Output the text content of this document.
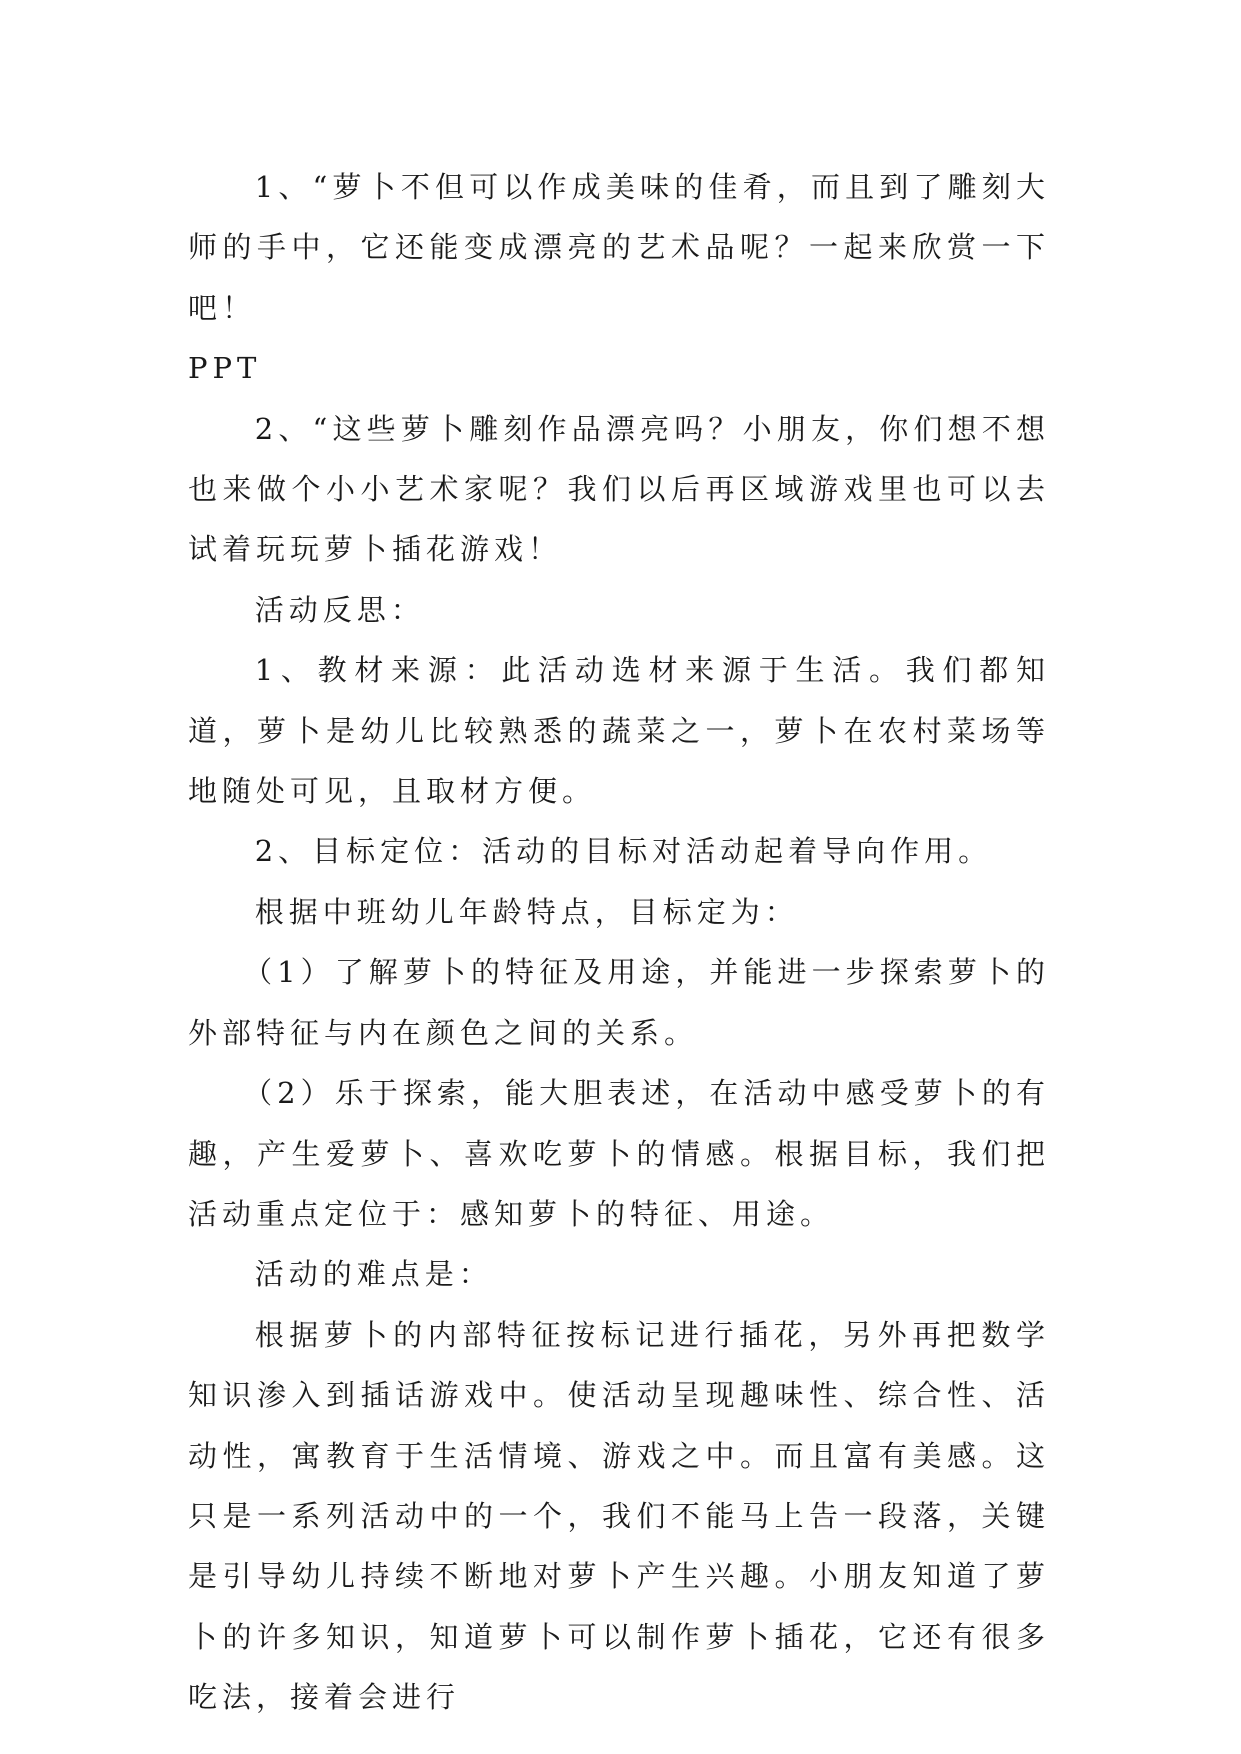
1、“萝卜不但可以作成美味的佳肴，而且到了雕刻大师的手中，它还能变成漂亮的艺术品呢？一起来欣赏一下吧！

PPT

2、“这些萝卜雕刻作品漂亮吗？小朋友，你们想不想也来做个小小艺术家呢？我们以后再区域游戏里也可以去试着玩玩萝卜插花游戏！

活动反思：

1、教材来源：此活动选材来源于生活。我们都知道，萝卜是幼儿比较熟悉的蔬菜之一，萝卜在农村菜场等地随处可见，且取材方便。

2、目标定位：活动的目标对活动起着导向作用。

根据中班幼儿年龄特点，目标定为：

（1）了解萝卜的特征及用途，并能进一步探索萝卜的外部特征与内在颜色之间的关系。

（2）乐于探索，能大胆表述，在活动中感受萝卜的有趣，产生爱萝卜、喜欢吃萝卜的情感。根据目标，我们把活动重点定位于：感知萝卜的特征、用途。

活动的难点是：

根据萝卜的内部特征按标记进行插花，另外再把数学知识渗入到插话游戏中。使活动呈现趣味性、综合性、活动性，寓教育于生活情境、游戏之中。而且富有美感。这只是一系列活动中的一个，我们不能马上告一段落，关键是引导幼儿持续不断地对萝卜产生兴趣。小朋友知道了萝卜的许多知识，知道萝卜可以制作萝卜插花，它还有很多吃法，接着会进行
